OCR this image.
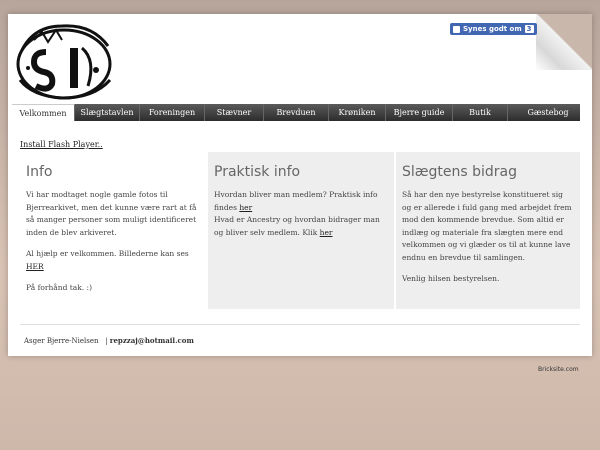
Synes godt om 3
Velkommen	Slægtstavlen	Foreningen	Stævner	Brevduen	Krøniken	Bjerre guide	Butik	Gæstebog
Install Flash Player..
Info

Vi har modtaget nogle gamle fotos til Bjerrearkivet, men det kunne være rart at få så manger personer som muligt identificeret inden de blev arkiveret.

Al hjælp er velkommen. Billederne kan ses HER

På forhånd tak. :)

Praktisk info

Hvordan bliver man medlem? Praktisk info findes her
Hvad er Ancestry og hvordan bidrager man og bliver selv medlem. Klik her

Slægtens bidrag

Så har den nye bestyrelse konstitueret sig og er allerede i fuld gang med arbejdet frem mod den kommende brevdue. Som altid er indlæg og materiale fra slægten mere end velkommen og vi glæder os til at kunne lave endnu en brevdue til samlingen.

Venlig hilsen bestyrelsen.

Asger Bjerre-Nielsen | repzzaj@hotmail.com
Bricksite.com
